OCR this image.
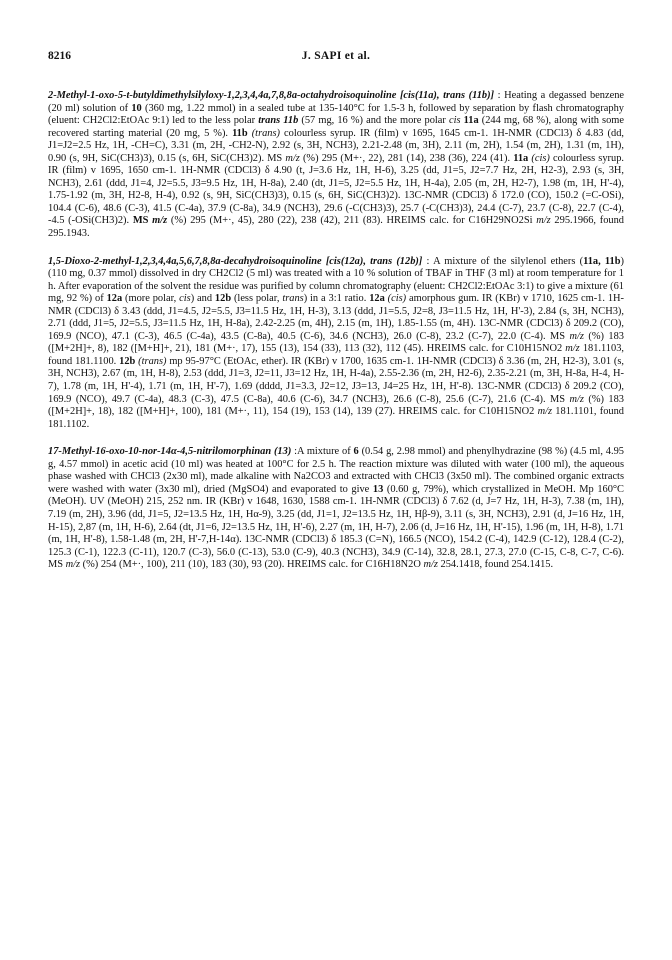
8216	J. SAPI et al.

2-Methyl-1-oxo-5-t-butyldimethylsilyloxy-1,2,3,4,4a,7,8,8a-octahydroisoquinoline [cis(11a), trans (11b)] : Heating a degassed benzene (20 ml) solution of 10 (360 mg, 1.22 mmol) in a sealed tube at 135-140°C for 1.5-3 h, followed by separation by flash chromatography (eluent: CH2Cl2:EtOAc 9:1) led to the less polar trans 11b (57 mg, 16 %) and the more polar cis 11a (244 mg, 68 %), along with some recovered starting material (20 mg, 5 %). 11b (trans) colourless syrup. IR (film) v 1695, 1645 cm-1. 1H-NMR (CDCl3) δ 4.83 (dd, J1=J2=2.5 Hz, 1H, -CH=C), 3.31 (m, 2H, -CH2-N), 2.92 (s, 3H, NCH3), 2.21-2.48 (m, 3H), 2.11 (m, 2H), 1.54 (m, 2H), 1.31 (m, 1H), 0.90 (s, 9H, SiC(CH3)3), 0.15 (s, 6H, SiC(CH3)2). MS m/z (%) 295 (M+·, 22), 281 (14), 238 (36), 224 (41). 11a (cis) colourless syrup. IR (film) v 1695, 1650 cm-1. 1H-NMR (CDCl3) δ 4.90 (t, J=3.6 Hz, 1H, H-6), 3.25 (dd, J1=5, J2=7.7 Hz, 2H, H2-3), 2.93 (s, 3H, NCH3), 2.61 (ddd, J1=4, J2=5.5, J3=9.5 Hz, 1H, H-8a), 2.40 (dt, J1=5, J2=5.5 Hz, 1H, H-4a), 2.05 (m, 2H, H2-7), 1.98 (m, 1H, H'-4), 1.75-1.92 (m, 3H, H2-8, H-4), 0.92 (s, 9H, SiC(CH3)3), 0.15 (s, 6H, SiC(CH3)2). 13C-NMR (CDCl3) δ 172.0 (CO), 150.2 (=C-OSi), 104.4 (C-6), 48.6 (C-3), 41.5 (C-4a), 37.9 (C-8a), 34.9 (NCH3), 29.6 (-C(CH3)3), 25.7 (-C(CH3)3), 24.4 (C-7), 23.7 (C-8), 22.7 (C-4), -4.5 (-OSi(CH3)2). MS m/z (%) 295 (M+·, 45), 280 (22), 238 (42), 211 (83). HREIMS calc. for C16H29NO2Si m/z 295.1966, found 295.1943.

1,5-Dioxo-2-methyl-1,2,3,4,4a,5,6,7,8,8a-decahydroisoquinoline [cis(12a), trans (12b)] : A mixture of the silylenol ethers (11a, 11b) (110 mg, 0.37 mmol) dissolved in dry CH2Cl2 (5 ml) was treated with a 10 % solution of TBAF in THF (3 ml) at room temperature for 1 h. After evaporation of the solvent the residue was purified by column chromatography (eluent: CH2Cl2:EtOAc 3:1) to give a mixture (61 mg, 92 %) of 12a (more polar, cis) and 12b (less polar, trans) in a 3:1 ratio. 12a (cis) amorphous gum. IR (KBr) v 1710, 1625 cm-1. 1H-NMR (CDCl3) δ 3.43 (ddd, J1=4.5, J2=5.5, J3=11.5 Hz, 1H, H-3), 3.13 (ddd, J1=5.5, J2=8, J3=11.5 Hz, 1H, H'-3), 2.84 (s, 3H, NCH3), 2.71 (ddd, J1=5, J2=5.5, J3=11.5 Hz, 1H, H-8a), 2.42-2.25 (m, 4H), 2.15 (m, 1H), 1.85-1.55 (m, 4H). 13C-NMR (CDCl3) δ 209.2 (CO), 169.9 (NCO), 47.1 (C-3), 46.5 (C-4a), 43.5 (C-8a), 40.5 (C-6), 34.6 (NCH3), 26.0 (C-8), 23.2 (C-7), 22.0 (C-4). MS m/z (%) 183 ([M+2H]+, 8), 182 ([M+H]+, 21), 181 (M+·, 17), 155 (13), 154 (33), 113 (32), 112 (45). HREIMS calc. for C10H15NO2 m/z 181.1103, found 181.1100. 12b (trans) mp 95-97°C (EtOAc, ether). IR (KBr) v 1700, 1635 cm-1. 1H-NMR (CDCl3) δ 3.36 (m, 2H, H2-3), 3.01 (s, 3H, NCH3), 2.67 (m, 1H, H-8), 2.53 (ddd, J1=3, J2=11, J3=12 Hz, 1H, H-4a), 2.55-2.36 (m, 2H, H2-6), 2.35-2.21 (m, 3H, H-8a, H-4, H-7), 1.78 (m, 1H, H'-4), 1.71 (m, 1H, H'-7), 1.69 (dddd, J1=3.3, J2=12, J3=13, J4=25 Hz, 1H, H'-8). 13C-NMR (CDCl3) δ 209.2 (CO), 169.9 (NCO), 49.7 (C-4a), 48.3 (C-3), 47.5 (C-8a), 40.6 (C-6), 34.7 (NCH3), 26.6 (C-8), 25.6 (C-7), 21.6 (C-4). MS m/z (%) 183 ([M+2H]+, 18), 182 ([M+H]+, 100), 181 (M+·, 11), 154 (19), 153 (14), 139 (27). HREIMS calc. for C10H15NO2 m/z 181.1101, found 181.1102.

17-Methyl-16-oxo-10-nor-14α-4,5-nitrilomorphinan (13) :A mixture of 6 (0.54 g, 2.98 mmol) and phenylhydrazine (98 %) (4.5 ml, 4.95 g, 4.57 mmol) in acetic acid (10 ml) was heated at 100°C for 2.5 h. The reaction mixture was diluted with water (100 ml), the aqueous phase washed with CHCl3 (2x30 ml), made alkaline with Na2CO3 and extracted with CHCl3 (3x50 ml). The combined organic extracts were washed with water (3x30 ml), dried (MgSO4) and evaporated to give 13 (0.60 g, 79%), which crystallized in MeOH. Mp 160°C (MeOH). UV (MeOH) 215, 252 nm. IR (KBr) v 1648, 1630, 1588 cm-1. 1H-NMR (CDCl3) δ 7.62 (d, J=7 Hz, 1H, H-3), 7.38 (m, 1H), 7.19 (m, 2H), 3.96 (dd, J1=5, J2=13.5 Hz, 1H, Hα-9), 3.25 (dd, J1=1, J2=13.5 Hz, 1H, Hβ-9), 3.11 (s, 3H, NCH3), 2.91 (d, J=16 Hz, 1H, H-15), 2,87 (m, 1H, H-6), 2.64 (dt, J1=6, J2=13.5 Hz, 1H, H'-6), 2.27 (m, 1H, H-7), 2.06 (d, J=16 Hz, 1H, H'-15), 1.96 (m, 1H, H-8), 1.71 (m, 1H, H'-8), 1.58-1.48 (m, 2H, H'-7,H-14α). 13C-NMR (CDCl3) δ 185.3 (C=N), 166.5 (NCO), 154.2 (C-4), 142.9 (C-12), 128.4 (C-2), 125.3 (C-1), 122.3 (C-11), 120.7 (C-3), 56.0 (C-13), 53.0 (C-9), 40.3 (NCH3), 34.9 (C-14), 32.8, 28.1, 27.3, 27.0 (C-15, C-8, C-7, C-6). MS m/z (%) 254 (M+·, 100), 211 (10), 183 (30), 93 (20). HREIMS calc. for C16H18N2O m/z 254.1418, found 254.1415.
